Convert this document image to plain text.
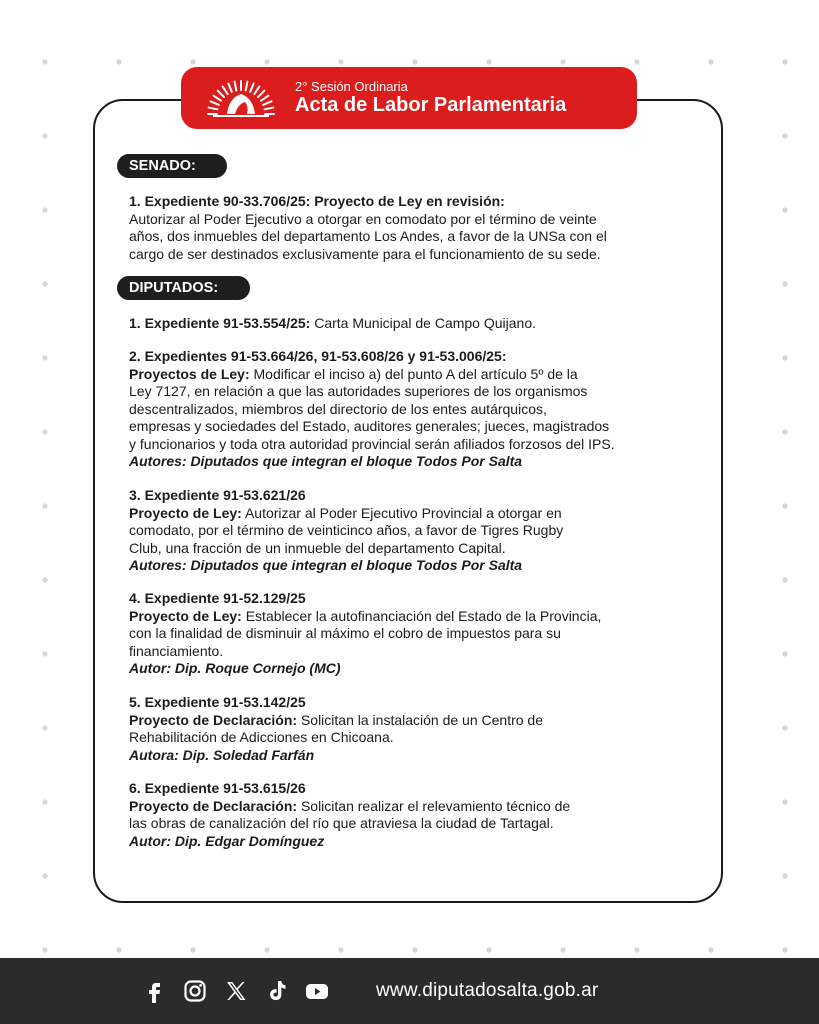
2° Sesión Ordinaria
Acta de Labor Parlamentaria
SENADO:
1. Expediente 90-33.706/25: Proyecto de Ley en revisión:
Autorizar al Poder Ejecutivo a otorgar en comodato por el término de veinte
años, dos inmuebles del departamento Los Andes, a favor de la UNSa con el
cargo de ser destinados exclusivamente para el funcionamiento de su sede.
DIPUTADOS:
1. Expediente 91-53.554/25: Carta Municipal de Campo Quijano.
2. Expedientes 91-53.664/26, 91-53.608/26 y 91-53.006/25:
Proyectos de Ley: Modificar el inciso a) del punto A del artículo 5º de la
Ley 7127, en relación a que las autoridades superiores de los organismos
descentralizados, miembros del directorio de los entes autárquicos,
empresas y sociedades del Estado, auditores generales; jueces, magistrados
y funcionarios y toda otra autoridad provincial serán afiliados forzosos del IPS.
Autores: Diputados que integran el bloque Todos Por Salta
3. Expediente 91-53.621/26
Proyecto de Ley: Autorizar al Poder Ejecutivo Provincial a otorgar en
comodato, por el término de veinticinco años, a favor de Tigres Rugby
Club, una fracción de un inmueble del departamento Capital.
Autores: Diputados que integran el bloque Todos Por Salta
4. Expediente 91-52.129/25
Proyecto de Ley: Establecer la autofinanciación del Estado de la Provincia,
con la finalidad de disminuir al máximo el cobro de impuestos para su
financiamiento.
Autor: Dip. Roque Cornejo (MC)
5. Expediente 91-53.142/25
Proyecto de Declaración: Solicitan la instalación de un Centro de
Rehabilitación de Adicciones en Chicoana.
Autora: Dip. Soledad Farfán
6. Expediente 91-53.615/26
Proyecto de Declaración: Solicitan realizar el relevamiento técnico de
las obras de canalización del río que atraviesa la ciudad de Tartagal.
Autor: Dip. Edgar Domínguez
www.diputadosalta.gob.ar
